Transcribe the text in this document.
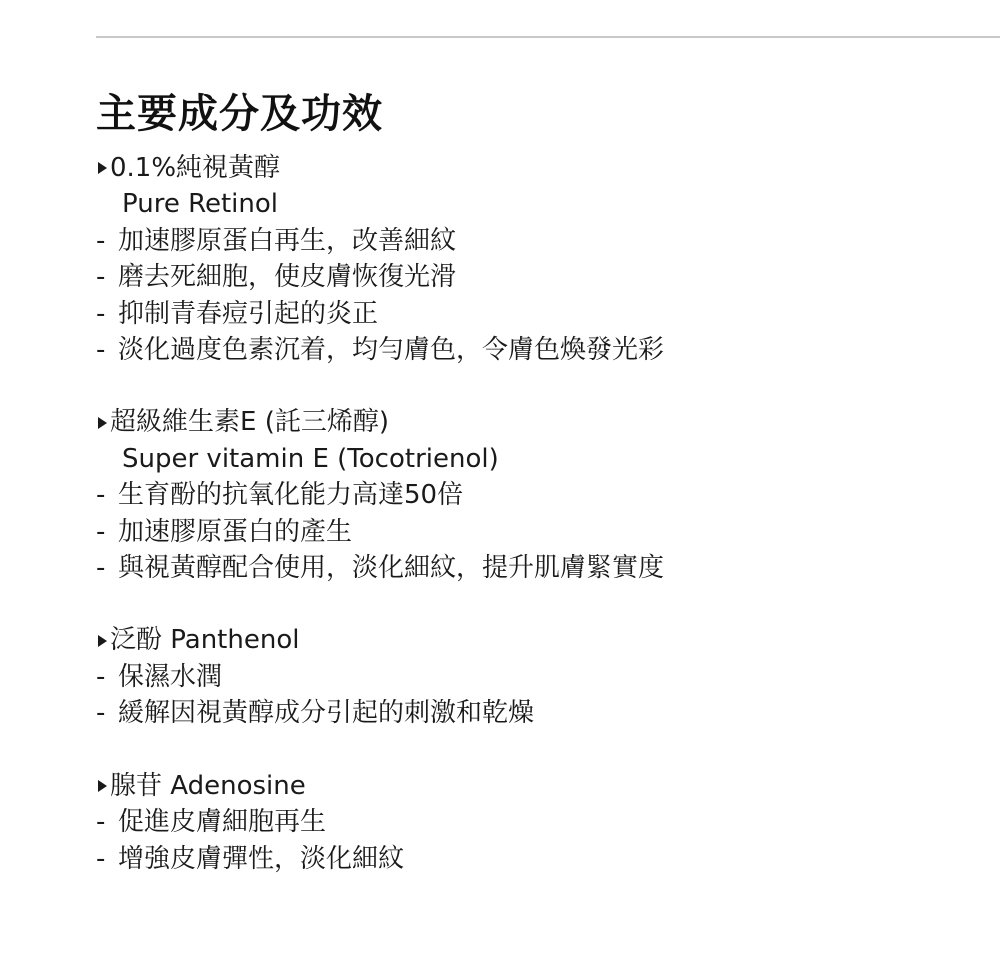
主要成分及功效
0.1%純視黃醇
Pure Retinol
- 加速膠原蛋白再生，改善細紋
- 磨去死細胞，使皮膚恢復光滑
- 抑制青春痘引起的炎正
- 淡化過度色素沉着，均勻膚色，令膚色煥發光彩
超級維生素E (託三烯醇)
Super vitamin E (Tocotrienol)
- 生育酚的抗氧化能力高達50倍
- 加速膠原蛋白的產生
- 與視黃醇配合使用，淡化細紋，提升肌膚緊實度
泛酚 Panthenol
- 保濕水潤
- 緩解因視黃醇成分引起的刺激和乾燥
腺苷 Adenosine
- 促進皮膚細胞再生
- 增強皮膚彈性，淡化細紋
